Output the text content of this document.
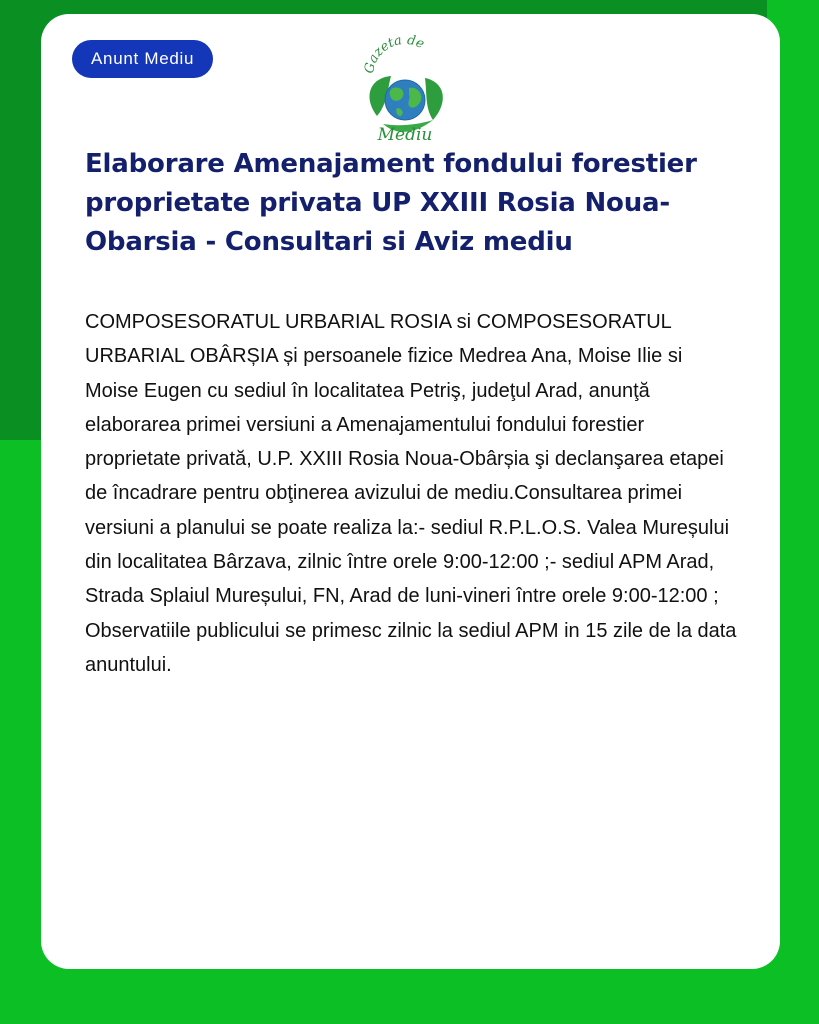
Anunt Mediu
Gazeta de
Mediu
Elaborare Amenajament fondului forestier proprietate privata UP XXIII Rosia Noua-Obarsia - Consultari si Aviz mediu

COMPOSESORATUL URBARIAL ROSIA si COMPOSESORATUL URBARIAL OBÂRȘIA și persoanele fizice Medrea Ana, Moise Ilie si Moise Eugen cu sediul în localitatea Petriş, judeţul Arad, anunţă elaborarea primei versiuni a Amenajamentului fondului forestier proprietate privată, U.P. XXIII Rosia Noua-Obârșia şi declanşarea etapei de încadrare pentru obţinerea avizului de mediu.Consultarea primei versiuni a planului se poate realiza la:- sediul R.P.L.O.S. Valea Mureșului din localitatea Bârzava, zilnic între orele 9:00-12:00 ;- sediul APM Arad, Strada Splaiul Mureșului, FN, Arad de luni-vineri între orele 9:00-12:00 ; Observatiile publicului se primesc zilnic la sediul APM in 15 zile de la data anuntului.
